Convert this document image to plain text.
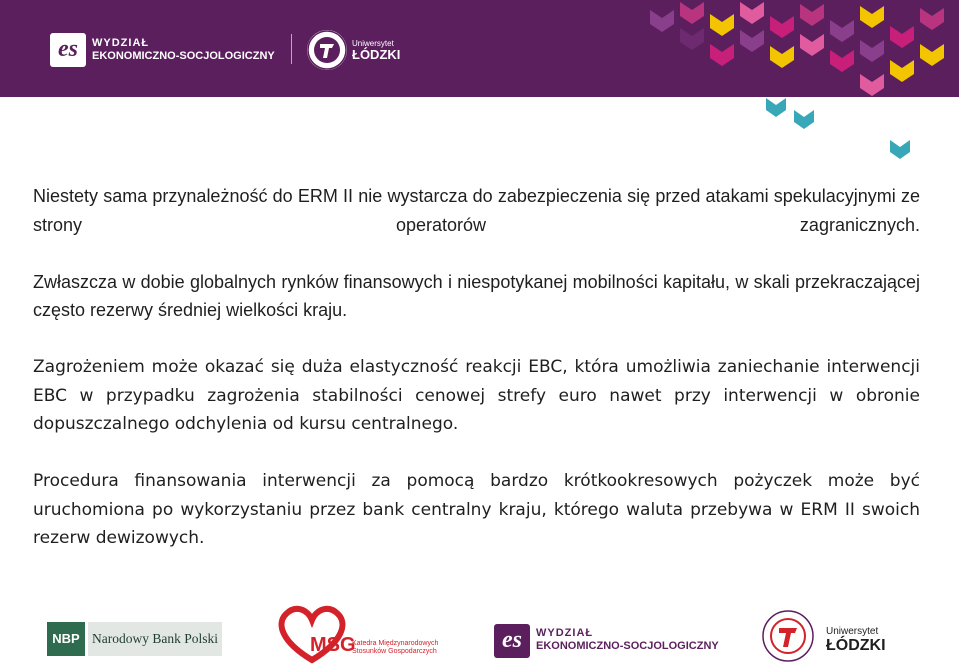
es	WYDZIAŁ
EKONOMICZNO-SOCJOLOGICZNY
Uniwersytet
ŁÓDZKI

Niestety sama przynależność do ERM II nie wystarcza do zabezpieczenia się przed atakami spekulacyjnymi ze strony operatorów zagranicznych.

Zwłaszcza w dobie globalnych rynków finansowych i niespotykanej mobilności kapitału, w skali przekraczającej często rezerwy średniej wielkości kraju.

Zagrożeniem może okazać się duża elastyczność reakcji EBC, która umożliwia zaniechanie interwencji EBC w przypadku zagrożenia stabilności cenowej strefy euro nawet przy interwencji w obronie dopuszczalnego odchylenia od kursu centralnego.

Procedura finansowania interwencji za pomocą bardzo krótkookresowych pożyczek może być uruchomiona po wykorzystaniu przez bank centralny kraju, którego waluta przebywa w ERM II swoich rezerw dewizowych.

NBP Narodowy Bank Polski	MSG
Katedra Międzynarodowych
Stosunków Gospodarczych	es	WYDZIAŁ
EKONOMICZNO-SOCJOLOGICZNY
Uniwersytet
ŁÓDZKI
